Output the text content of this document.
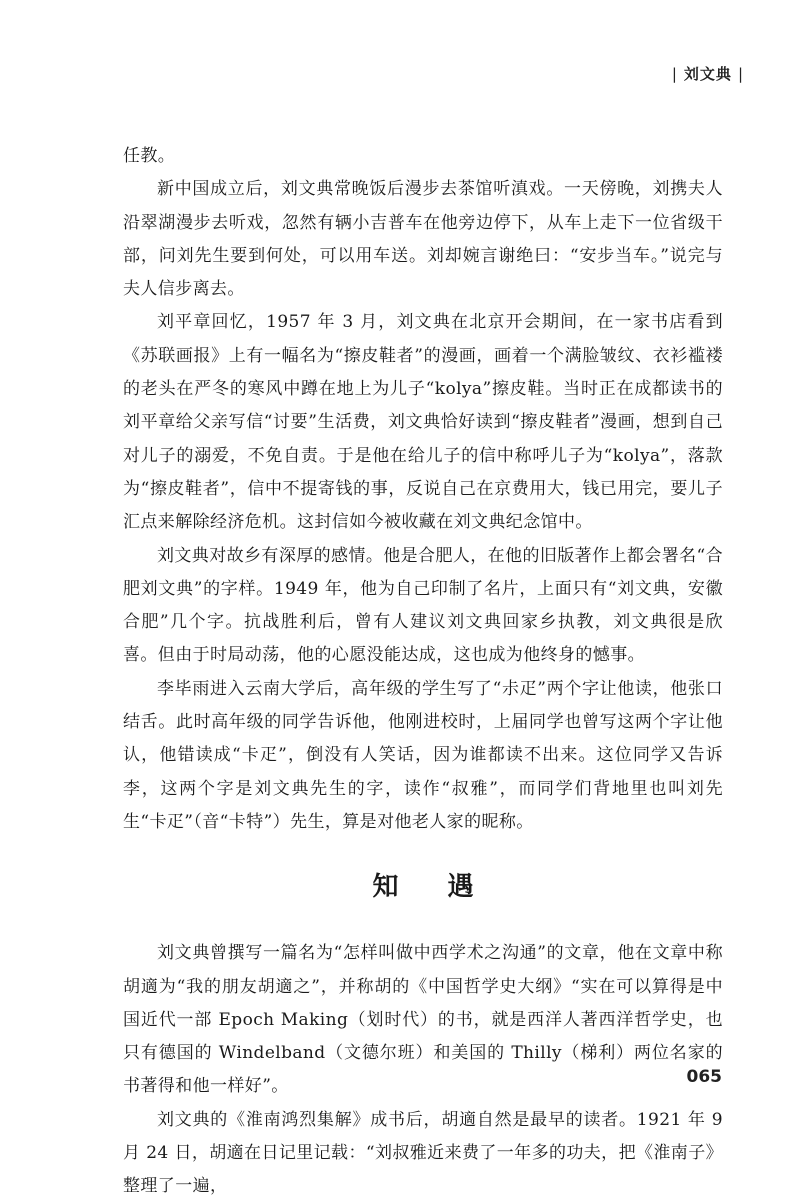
| 刘文典 |

任教。

新中国成立后，刘文典常晚饭后漫步去茶馆听滇戏。一天傍晚，刘携夫人沿翠湖漫步去听戏，忽然有辆小吉普车在他旁边停下，从车上走下一位省级干部，问刘先生要到何处，可以用车送。刘却婉言谢绝曰：“安步当车。”说完与夫人信步离去。

刘平章回忆，1957 年 3 月，刘文典在北京开会期间，在一家书店看到《苏联画报》上有一幅名为“擦皮鞋者”的漫画，画着一个满脸皱纹、衣衫褴褛的老头在严冬的寒风中蹲在地上为儿子“kolya”擦皮鞋。当时正在成都读书的刘平章给父亲写信“讨要”生活费，刘文典恰好读到“擦皮鞋者”漫画，想到自己对儿子的溺爱，不免自责。于是他在给儿子的信中称呼儿子为“kolya”，落款为“擦皮鞋者”，信中不提寄钱的事，反说自己在京费用大，钱已用完，要儿子汇点来解除经济危机。这封信如今被收藏在刘文典纪念馆中。

刘文典对故乡有深厚的感情。他是合肥人，在他的旧版著作上都会署名“合肥刘文典”的字样。1949 年，他为自己印制了名片，上面只有“刘文典，安徽合肥”几个字。抗战胜利后，曾有人建议刘文典回家乡执教，刘文典很是欣喜。但由于时局动荡，他的心愿没能达成，这也成为他终身的憾事。

李毕雨进入云南大学后，高年级的学生写了“尗疋”两个字让他读，他张口结舌。此时高年级的同学告诉他，他刚进校时，上届同学也曾写这两个字让他认，他错读成“卡疋”，倒没有人笑话，因为谁都读不出来。这位同学又告诉李，这两个字是刘文典先生的字，读作“叔雅”，而同学们背地里也叫刘先生“卡疋”（音“卡特”）先生，算是对他老人家的昵称。

知 遇

刘文典曾撰写一篇名为“怎样叫做中西学术之沟通”的文章，他在文章中称胡適为“我的朋友胡適之”，并称胡的《中国哲学史大纲》“实在可以算得是中国近代一部 Epoch Making（划时代）的书，就是西洋人著西洋哲学史，也只有德国的 Windelband（文德尔班）和美国的 Thilly（梯利）两位名家的书著得和他一样好”。

刘文典的《淮南鸿烈集解》成书后，胡適自然是最早的读者。1921 年 9 月 24 日，胡適在日记里记载：“刘叔雅近来费了一年多的功夫，把《淮南子》整理了一遍，

065
